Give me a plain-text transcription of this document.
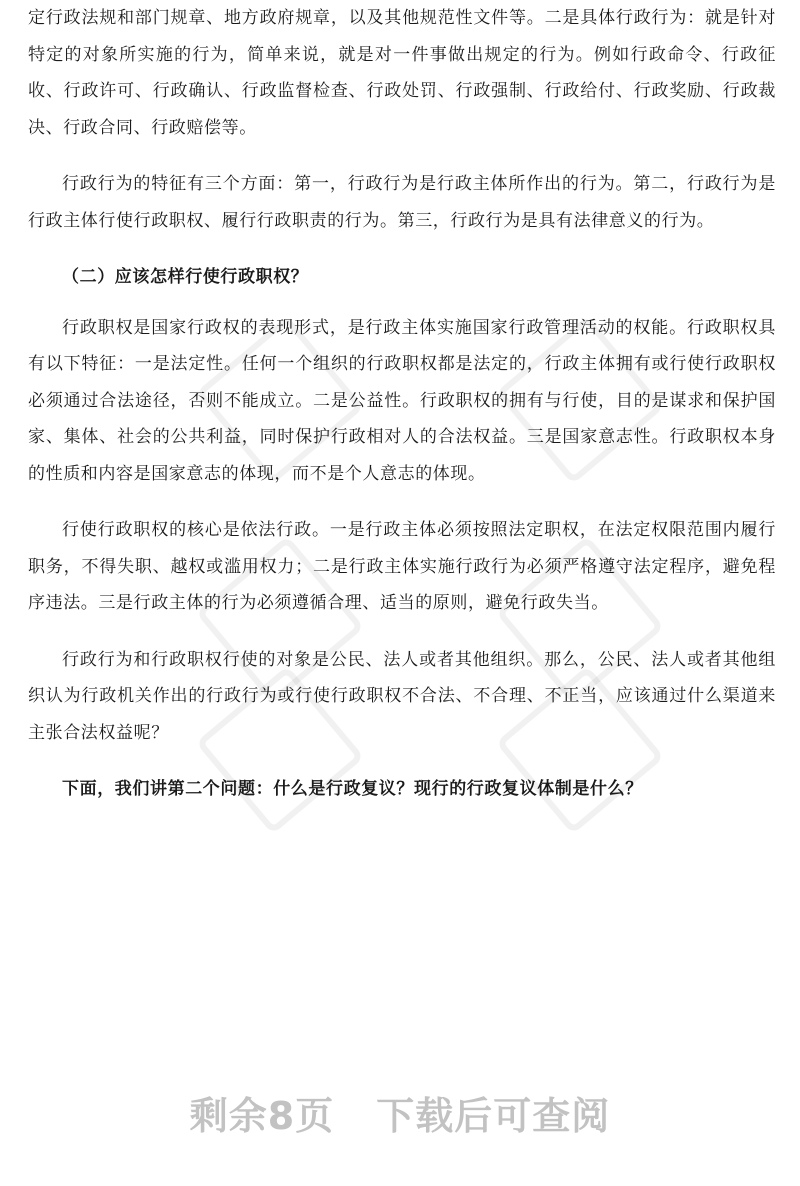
定行政法规和部门规章、地方政府规章，以及其他规范性文件等。二是具体行政行为：就是针对特定的对象所实施的行为，简单来说，就是对一件事做出规定的行为。例如行政命令、行政征收、行政许可、行政确认、行政监督检查、行政处罚、行政强制、行政给付、行政奖励、行政裁决、行政合同、行政赔偿等。

行政行为的特征有三个方面：第一，行政行为是行政主体所作出的行为。第二，行政行为是行政主体行使行政职权、履行行政职责的行为。第三，行政行为是具有法律意义的行为。

（二）应该怎样行使行政职权？

行政职权是国家行政权的表现形式，是行政主体实施国家行政管理活动的权能。行政职权具有以下特征：一是法定性。任何一个组织的行政职权都是法定的，行政主体拥有或行使行政职权必须通过合法途径，否则不能成立。二是公益性。行政职权的拥有与行使，目的是谋求和保护国家、集体、社会的公共利益，同时保护行政相对人的合法权益。三是国家意志性。行政职权本身的性质和内容是国家意志的体现，而不是个人意志的体现。

行使行政职权的核心是依法行政。一是行政主体必须按照法定职权，在法定权限范围内履行职务，不得失职、越权或滥用权力；二是行政主体实施行政行为必须严格遵守法定程序，避免程序违法。三是行政主体的行为必须遵循合理、适当的原则，避免行政失当。

行政行为和行政职权行使的对象是公民、法人或者其他组织。那么，公民、法人或者其他组织认为行政机关作出的行政行为或行使行政职权不合法、不合理、不正当，应该通过什么渠道来主张合法权益呢？

下面，我们讲第二个问题：什么是行政复议？现行的行政复议体制是什么？

剩余8页 下载后可查阅
